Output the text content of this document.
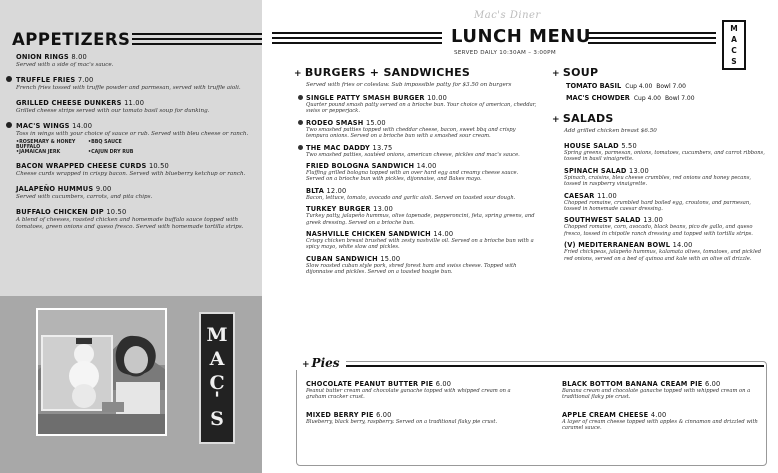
APPETIZERS
ONION RINGS 8.00
Served with a side of mac's sauce.
TRUFFLE FRIES 7.00
French fries tossed with truffle powder and parmesan, served with truffle aioli.
GRILLED CHEESE DUNKERS 11.00
Grilled cheese strips served with our tomato basil soup for dunking.
MAC'S WINGS 14.00
Toss in wings with your choice of sauce or rub. Served with bleu cheese or ranch.
•ROSEMARY & HONEY BUFFALO
•BBQ SAUCE
•JAMAICAN JERK	•CAJUN DRY RUB
BACON WRAPPED CHEESE CURDS 10.50
Cheese curds wrapped in crispy bacon. Served with blueberry ketchup or ranch.
JALAPEÑO HUMMUS 9.00
Served with cucumbers, carrots, and pita chips.
BUFFALO CHICKEN DIP 10.50
A blend of cheeses, roasted chicken and homemade buffalo sauce topped with tomatoes, green onions and queso fresco. Served with homemade tortilla strips.
M
A
C
'
S
Mac's Diner
LUNCH MENU
SERVED DAILY 10:30AM – 3:00PM
M
A
C
S
+ BURGERS + SANDWICHES
Served with fries or coleslaw. Sub impossible patty for $3.50 on burgers
SINGLE PATTY SMASH BURGER 10.00
Quarter pound smash patty served on a brioche bun. Your choice of american, cheddar, swiss or pepperjack.
RODEO SMASH 15.00
Two smashed patties topped with cheddar cheese, bacon, sweet bbq and crispy tempura onions. Served on a brioche bun with a smashed sour cream.
THE MAC DADDY 13.75
Two smashed patties, sautéed onions, american cheese, pickles and mac's sauce.
FRIED BOLOGNA SANDWICH 14.00
Fluffing grilled bologna topped with an over hard egg and creamy cheese sauce. Served on a brioche bun with pickles, dijonnaise, and Bakes mayo.
BLTA 12.00
Bacon, lettuce, tomato, avocado and garlic aioli. Served on toasted sour dough.
TURKEY BURGER 13.00
Turkey patty, jalapeño hummus, olive tapenade, pepperoncini, feta, spring greens, and greek dressing. Served on a brioche bun.
NASHVILLE CHICKEN SANDWICH 14.00
Crispy chicken breast brushed with zesty nashville oil. Served on a brioche bun with a spicy mayo, white slaw and pickles.
CUBAN SANDWICH 15.00
Slow roasted cuban style pork, shred forest ham and swiss cheese. Topped with dijonnaise and pickles. Served on a toasted hoagie bun.
+ SOUP
TOMATO BASIL Cup 4.00 Bowl 7.00
MAC'S CHOWDER Cup 4.00 Bowl 7.00
+ SALADS
Add grilled chicken breast $6.50
HOUSE SALAD 5.50
Spring greens, parmesan, onions, tomatoes, cucumbers, and carrot ribbons, tossed in basil vinaigrette.
SPINACH SALAD 13.00
Spinach, craisins, bleu cheese crumbles, red onions and honey pecans, tossed in raspberry vinaigrette.
CAESAR 11.00
Chopped romaine, crumbled hard boiled egg, croutons, and parmesan, tossed in homemade caesar dressing.
SOUTHWEST SALAD 13.00
Chopped romaine, corn, avocado, black beans, pico de gallo, and queso fresco, tossed in chipotle ranch dressing and topped with tortilla strips.
(V) MEDITERRANEAN BOWL 14.00
Fried chickpeas, jalapeño hummus, kalamata olives, tomatoes, and pickled red onions, served on a bed of quinoa and kale with an olive oil drizzle.
+ Pies
CHOCOLATE PEANUT BUTTER PIE 6.00
Peanut butter cream and chocolate ganache topped with whipped cream on a graham cracker crust.
MIXED BERRY PIE 6.00
Blueberry, black berry, raspberry. Served on a traditional flaky pie crust.
BLACK BOTTOM BANANA CREAM PIE 6.00
Banana cream and chocolate ganache topped with whipped cream on a traditional flaky pie crust.
APPLE CREAM CHEESE 4.00
A layer of cream cheese topped with apples & cinnamon and drizzled with caramel sauce.
